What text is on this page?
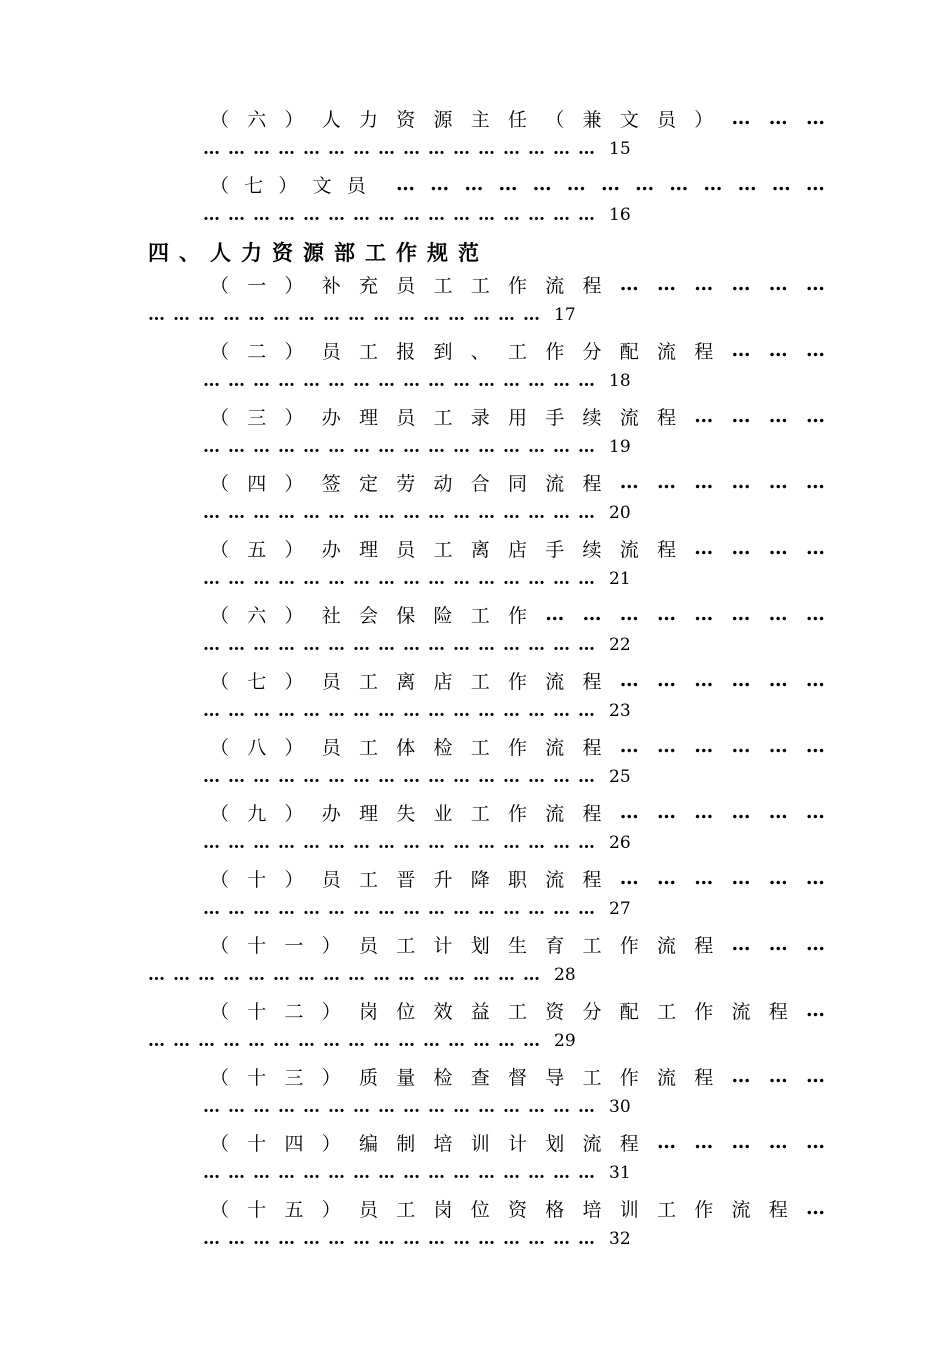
四、人力资源部工作规范
（ 六 ） 人 力 资 源 主 任 （ 兼 文 员 ） … … …
………………………………………… 15
（ 七 ） 文 员 … … … … … … … … … … … … …
………………………………………… 16
（ 一 ） 补 充 员 工 工 作 流 程 … … … … … …
………………………………………… 17
（ 二 ） 员 工 报 到 、 工 作 分 配 流 程 … … …
………………………………………… 18
（ 三 ） 办 理 员 工 录 用 手 续 流 程 … … … …
………………………………………… 19
（ 四 ） 签 定 劳 动 合 同 流 程 … … … … … …
………………………………………… 20
（ 五 ） 办 理 员 工 离 店 手 续 流 程 … … … …
………………………………………… 21
（ 六 ） 社 会 保 险 工 作 … … … … … … … …
………………………………………… 22
（ 七 ） 员 工 离 店 工 作 流 程 … … … … … …
………………………………………… 23
（ 八 ） 员 工 体 检 工 作 流 程 … … … … … …
………………………………………… 25
（ 九 ） 办 理 失 业 工 作 流 程 … … … … … …
………………………………………… 26
（ 十 ） 员 工 晋 升 降 职 流 程 … … … … … …
………………………………………… 27
（ 十 一 ） 员 工 计 划 生 育 工 作 流 程 … … …
………………………………………… 28
（ 十 二 ） 岗 位 效 益 工 资 分 配 工 作 流 程 …
………………………………………… 29
（ 十 三 ） 质 量 检 查 督 导 工 作 流 程 … … …
………………………………………… 30
（ 十 四 ） 编 制 培 训 计 划 流 程 … … … … …
………………………………………… 31
（ 十 五 ） 员 工 岗 位 资 格 培 训 工 作 流 程 …
………………………………………… 32
